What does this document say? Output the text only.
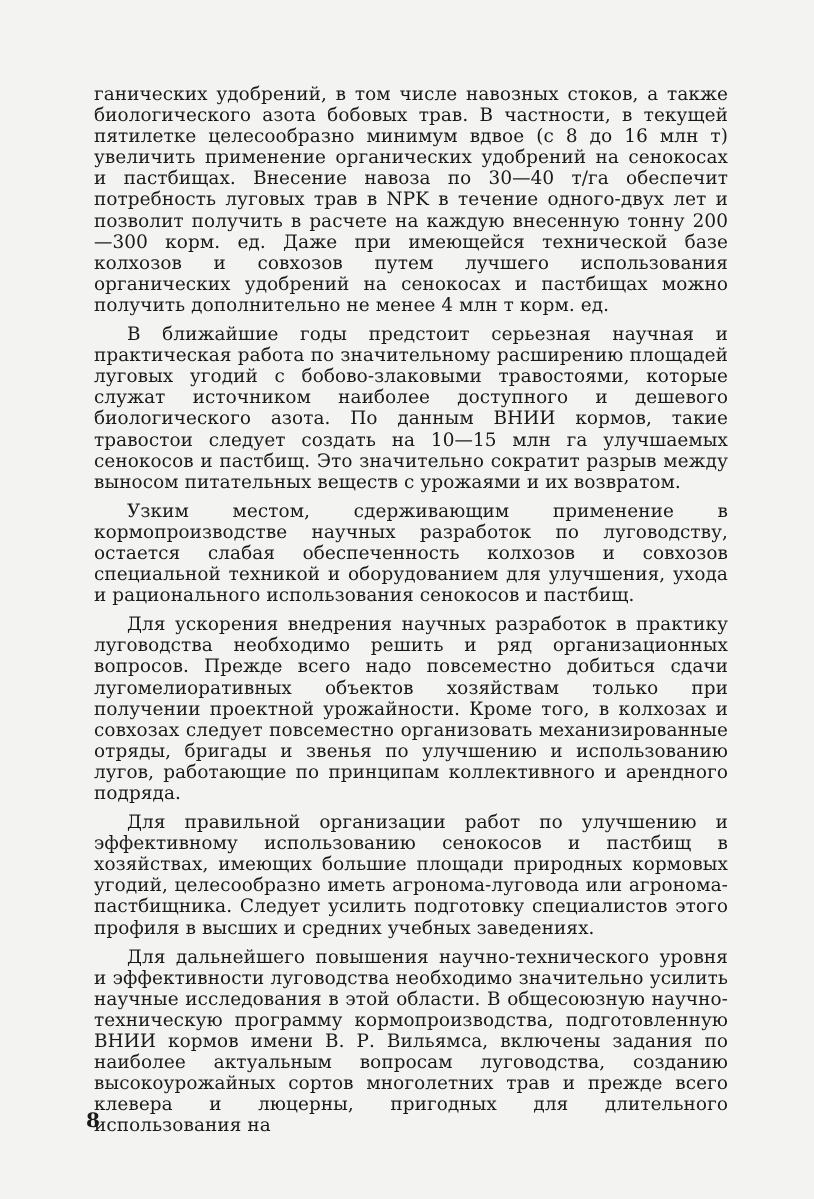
ганических удобрений, в том числе навозных стоков, а также биологического азота бобовых трав. В частности, в текущей пятилетке целесообразно минимум вдвое (с 8 до 16 млн т) увеличить применение органических удобрений на сенокосах и пастбищах. Внесение навоза по 30—40 т/га обеспечит потребность луговых трав в NPK в течение одного-двух лет и позволит получить в расчете на каждую внесенную тонну 200—300 корм. ед. Даже при имеющейся технической базе колхозов и совхозов путем лучшего использования органических удобрений на сенокосах и пастбищах можно получить дополнительно не менее 4 млн т корм. ед.

В ближайшие годы предстоит серьезная научная и практическая работа по значительному расширению площадей луговых угодий с бобово-злаковыми травостоями, которые служат источником наиболее доступного и дешевого биологического азота. По данным ВНИИ кормов, такие травостои следует создать на 10—15 млн га улучшаемых сенокосов и пастбищ. Это значительно сократит разрыв между выносом питательных веществ с урожаями и их возвратом.

Узким местом, сдерживающим применение в кормопроизводстве научных разработок по луговодству, остается слабая обеспеченность колхозов и совхозов специальной техникой и оборудованием для улучшения, ухода и рационального использования сенокосов и пастбищ.

Для ускорения внедрения научных разработок в практику луговодства необходимо решить и ряд организационных вопросов. Прежде всего надо повсеместно добиться сдачи лугомелиоративных объектов хозяйствам только при получении проектной урожайности. Кроме того, в колхозах и совхозах следует повсеместно организовать механизированные отряды, бригады и звенья по улучшению и использованию лугов, работающие по принципам коллективного и арендного подряда.

Для правильной организации работ по улучшению и эффективному использованию сенокосов и пастбищ в хозяйствах, имеющих большие площади природных кормовых угодий, целесообразно иметь агронома-луговода или агронома-пастбищника. Следует усилить подготовку специалистов этого профиля в высших и средних учебных заведениях.

Для дальнейшего повышения научно-технического уровня и эффективности луговодства необходимо значительно усилить научные исследования в этой области. В общесоюзную научно-техническую программу кормопроизводства, подготовленную ВНИИ кормов имени В. Р. Вильямса, включены задания по наиболее актуальным вопросам луговодства, созданию высокоурожайных сортов многолетних трав и прежде всего клевера и люцерны, пригодных для длительного использования на

8
